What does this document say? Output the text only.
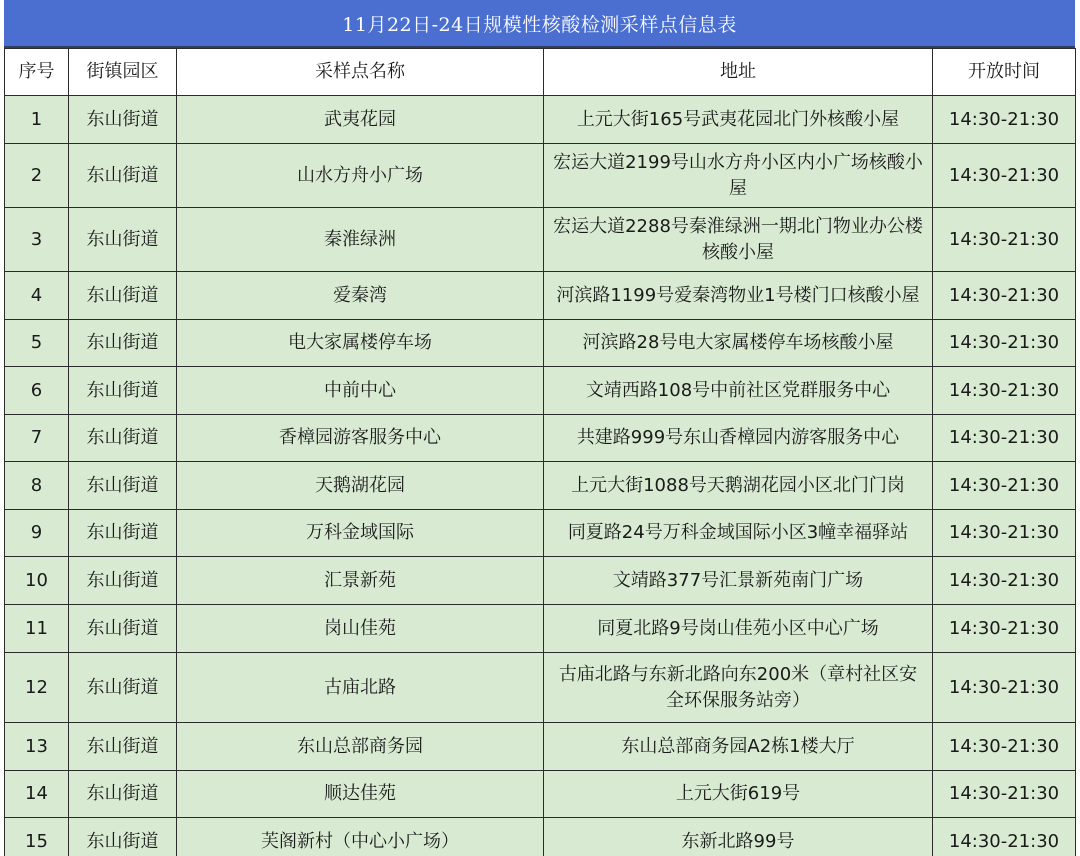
11月22日-24日规模性核酸检测采样点信息表
序号	街镇园区	采样点名称	地址	开放时间
1	东山街道	武夷花园	上元大街165号武夷花园北门外核酸小屋	14:30-21:30
2	东山街道	山水方舟小广场	宏运大道2199号山水方舟小区内小广场核酸小屋	14:30-21:30
3	东山街道	秦淮绿洲	宏运大道2288号秦淮绿洲一期北门物业办公楼核酸小屋	14:30-21:30
4	东山街道	爱秦湾	河滨路1199号爱秦湾物业1号楼门口核酸小屋	14:30-21:30
5	东山街道	电大家属楼停车场	河滨路28号电大家属楼停车场核酸小屋	14:30-21:30
6	东山街道	中前中心	文靖西路108号中前社区党群服务中心	14:30-21:30
7	东山街道	香樟园游客服务中心	共建路999号东山香樟园内游客服务中心	14:30-21:30
8	东山街道	天鹅湖花园	上元大街1088号天鹅湖花园小区北门门岗	14:30-21:30
9	东山街道	万科金域国际	同夏路24号万科金域国际小区3幢幸福驿站	14:30-21:30
10	东山街道	汇景新苑	文靖路377号汇景新苑南门广场	14:30-21:30
11	东山街道	岗山佳苑	同夏北路9号岗山佳苑小区中心广场	14:30-21:30
12	东山街道	古庙北路	古庙北路与东新北路向东200米（章村社区安全环保服务站旁）	14:30-21:30
13	东山街道	东山总部商务园	东山总部商务园A2栋1楼大厅	14:30-21:30
14	东山街道	顺达佳苑	上元大街619号	14:30-21:30
15	东山街道	芙阁新村（中心小广场）	东新北路99号	14:30-21:30
